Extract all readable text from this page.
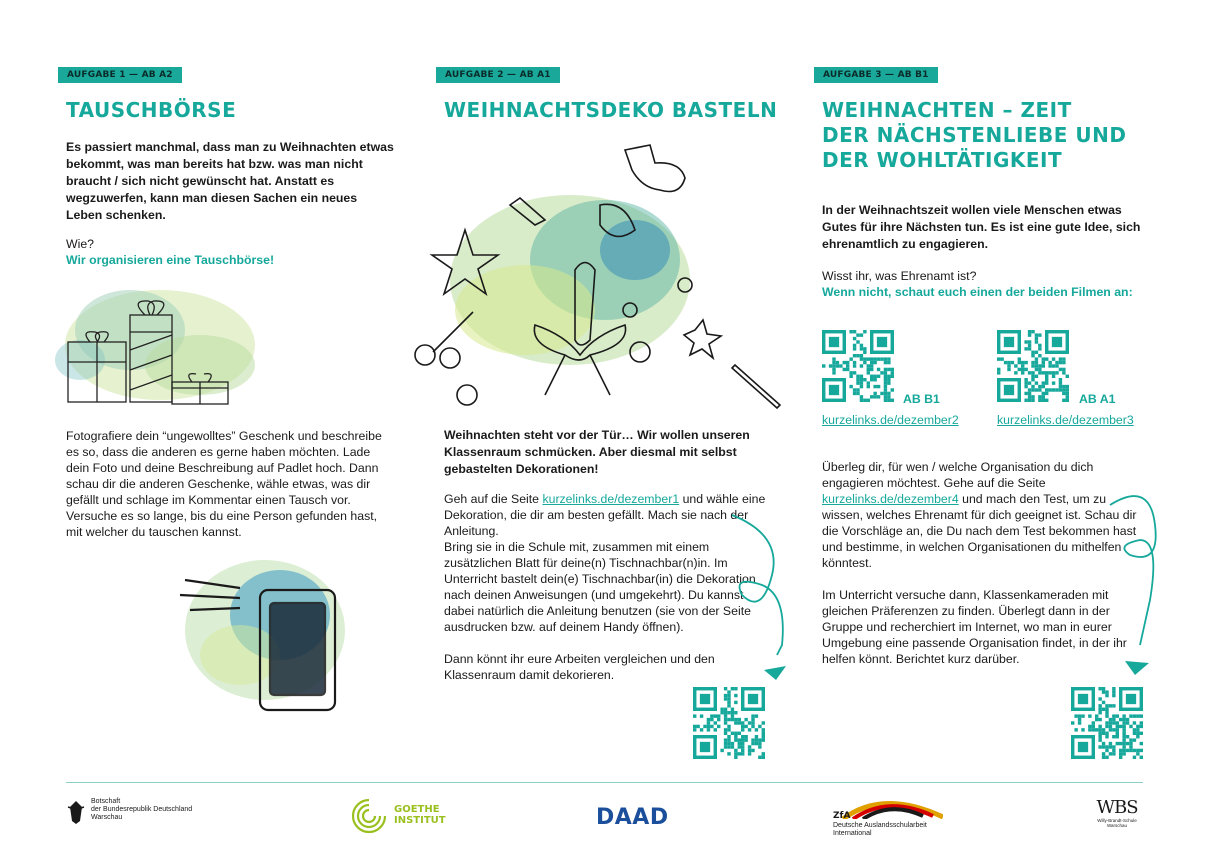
AUFGABE 1 — AB A2
TAUSCHBÖRSE
Es passiert manchmal, dass man zu Weihnachten etwas bekommt, was man bereits hat bzw. was man nicht braucht / sich nicht gewünscht hat. Anstatt es wegzuwerfen, kann man diesen Sachen ein neues Leben schenken.
Wie?
Wir organisieren eine Tauschbörse!
Fotografiere dein “ungewolltes” Geschenk und beschreibe es so, dass die anderen es gerne haben möchten. Lade dein Foto und deine Beschreibung auf Padlet hoch. Dann schau dir die anderen Geschenke, wähle etwas, was dir gefällt und schlage im Kommentar einen Tausch vor. Versuche es so lange, bis du eine Person gefunden hast, mit welcher du tauschen kannst.
AUFGABE 2 — AB A1
WEIHNACHTSDEKO BASTELN
Weihnachten steht vor der Tür… Wir wollen unseren Klassenraum schmücken. Aber diesmal mit selbst gebastelten Dekorationen!
Geh auf die Seite kurzelinks.de/dezember1 und wähle eine Dekoration, die dir am besten gefällt. Mach sie nach der Anleitung.
Bring sie in die Schule mit, zusammen mit einem zusätzlichen Blatt für deine(n) Tischnachbar(n)in. Im Unterricht bastelt dein(e) Tischnachbar(in) die Dekoration nach deinen Anweisungen (und umgekehrt). Du kannst dabei natürlich die Anleitung benutzen (sie von der Seite ausdrucken bzw. auf deinem Handy öffnen).
Dann könnt ihr eure Arbeiten vergleichen und den Klassenraum damit dekorieren.
AUFGABE 3 — AB B1
WEIHNACHTEN – ZEIT
DER NÄCHSTENLIEBE UND
DER WOHLTÄTIGKEIT
In der Weihnachtszeit wollen viele Menschen etwas Gutes für ihre Nächsten tun. Es ist eine gute Idee, sich ehrenamtlich zu engagieren.
Wisst ihr, was Ehrenamt ist?
Wenn nicht, schaut euch einen der beiden Filmen an:
AB B1
kurzelinks.de/dezember2
AB A1
kurzelinks.de/dezember3
Überleg dir, für wen / welche Organisation du dich engagieren möchtest. Gehe auf die Seite kurzelinks.de/dezember4 und mach den Test, um zu wissen, welches Ehrenamt für dich geeignet ist. Schau dir die Vorschläge an, die Du nach dem Test bekommen hast und bestimme, in welchen Organisationen du mithelfen könntest.
Im Unterricht versuche dann, Klassenkameraden mit gleichen Präferenzen zu finden. Überlegt dann in der Gruppe und recherchiert im Internet, wo man in eurer Umgebung eine passende Organisation findet, in der ihr helfen könnt. Berichtet kurz darüber.
Botschaft
der Bundesrepublik Deutschland
Warschau
GOETHE
INSTITUT	DAAD	ZfA
Deutsche Auslandsschularbeit
International
WBS
Willy-Brandt-Schule
Warschau
